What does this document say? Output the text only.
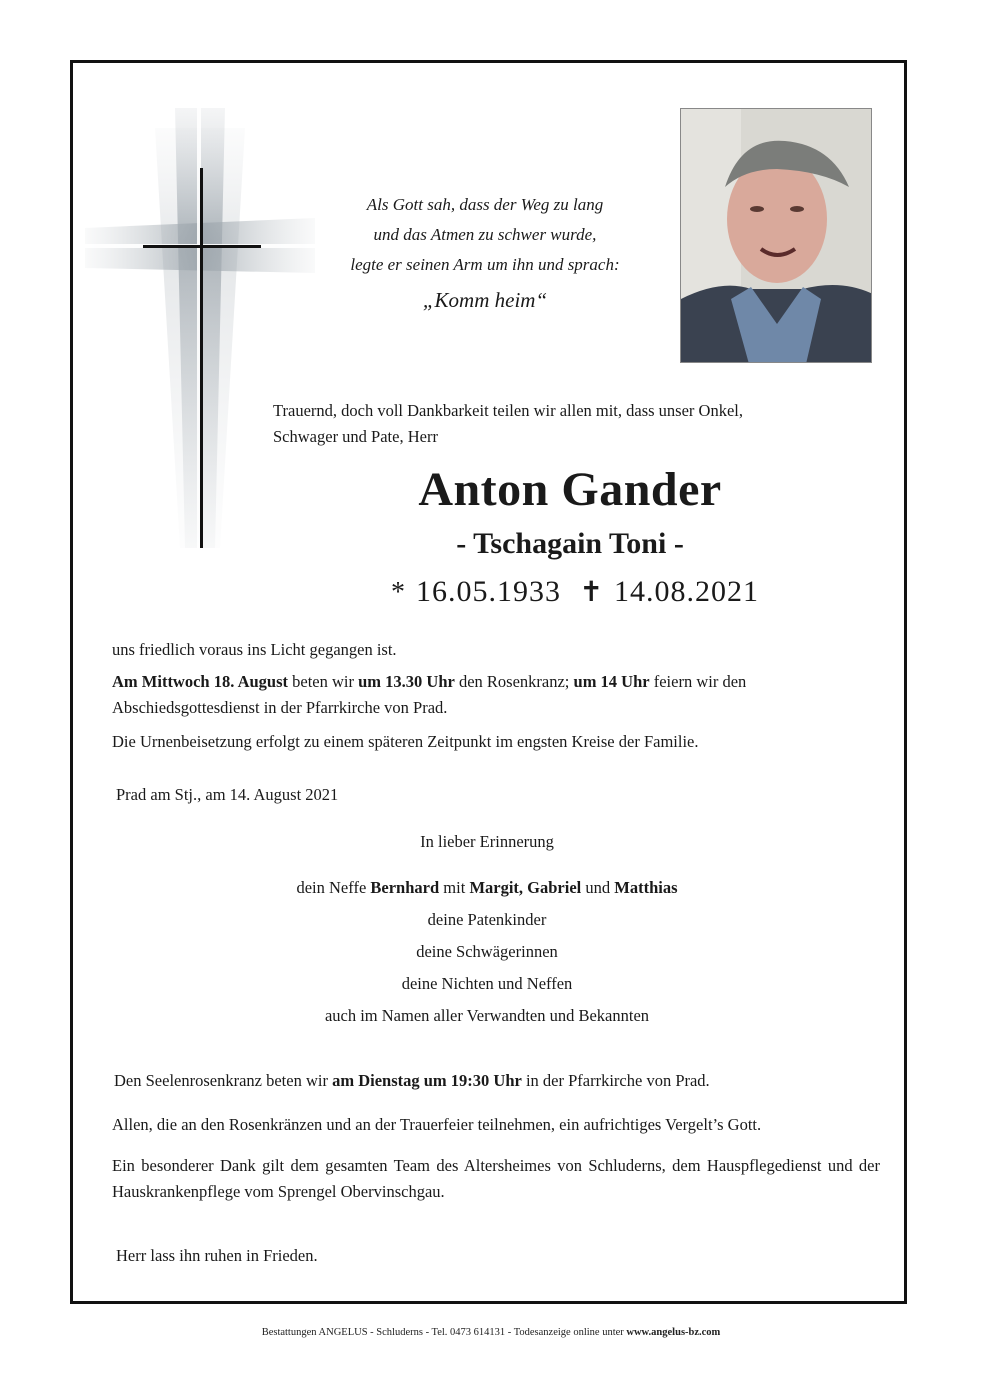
Als Gott sah, dass der Weg zu lang
und das Atmen zu schwer wurde,
legte er seinen Arm um ihn und sprach:
„Komm heim“
Trauernd, doch voll Dankbarkeit teilen wir allen mit, dass unser Onkel,
Schwager und Pate, Herr
Anton Gander
- Tschagain Toni -
* 16.05.1933 ✝ 14.08.2021
uns friedlich voraus ins Licht gegangen ist.
Am Mittwoch 18. August beten wir um 13.30 Uhr den Rosenkranz; um 14 Uhr feiern wir den
Abschiedsgottesdienst in der Pfarrkirche von Prad.
Die Urnenbeisetzung erfolgt zu einem späteren Zeitpunkt im engsten Kreise der Familie.
Prad am Stj., am 14. August 2021
In lieber Erinnerung
dein Neffe Bernhard mit Margit, Gabriel und Matthias
deine Patenkinder
deine Schwägerinnen
deine Nichten und Neffen
auch im Namen aller Verwandten und Bekannten
Den Seelenrosenkranz beten wir am Dienstag um 19:30 Uhr in der Pfarrkirche von Prad.
Allen, die an den Rosenkränzen und an der Trauerfeier teilnehmen, ein aufrichtiges Vergelt’s Gott.
Ein besonderer Dank gilt dem gesamten Team des Altersheimes von Schluderns, dem Hauspflegedienst und der Hauskrankenpflege vom Sprengel Obervinschgau.
Herr lass ihn ruhen in Frieden.
Bestattungen ANGELUS - Schluderns - Tel. 0473 614131 - Todesanzeige online unter www.angelus-bz.com
